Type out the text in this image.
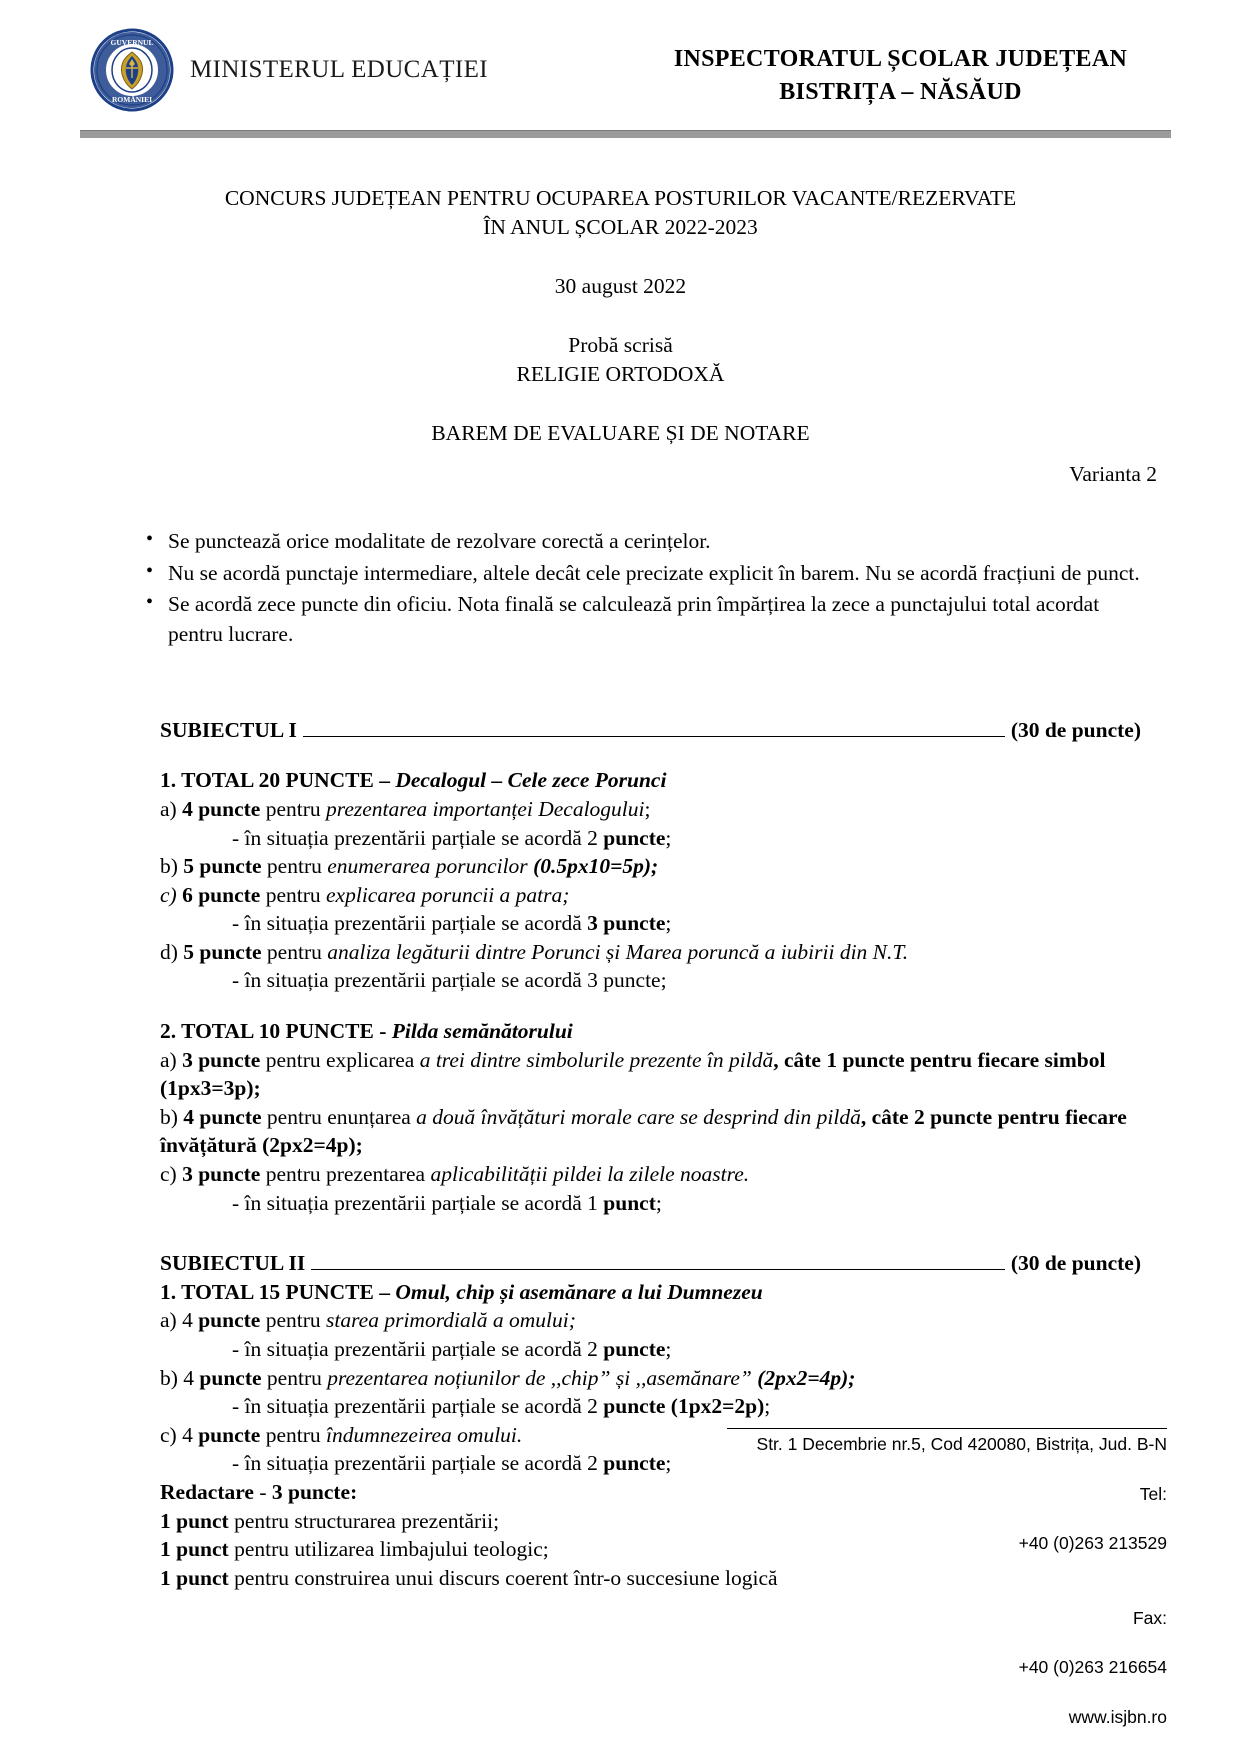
GUVERNUL
ROMÂNIEI
MINISTERUL EDUCAȚIEI	INSPECTORATUL ȘCOLAR JUDEȚEAN
BISTRIȚA – NĂSĂUD
CONCURS JUDEȚEAN PENTRU OCUPAREA POSTURILOR VACANTE/REZERVATE
ÎN ANUL ȘCOLAR 2022-2023
30 august 2022
Probă scrisă
RELIGIE ORTODOXĂ
BAREM DE EVALUARE ȘI DE NOTARE
Varianta 2
• Se punctează orice modalitate de rezolvare corectă a cerințelor.
• Nu se acordă punctaje intermediare, altele decât cele precizate explicit în barem. Nu se acordă fracțiuni de punct.
• Se acordă zece puncte din oficiu. Nota finală se calculează prin împărțirea la zece a punctajului total acordat pentru lucrare.
SUBIECTUL I	(30 de puncte)

1. TOTAL 20 PUNCTE – Decalogul – Cele zece Porunci

a) 4 puncte pentru prezentarea importanței Decalogului;

- în situația prezentării parțiale se acordă 2 puncte;

b) 5 puncte pentru enumerarea poruncilor (0.5px10=5p);

c) 6 puncte pentru explicarea poruncii a patra;

- în situația prezentării parțiale se acordă 3 puncte;

d) 5 puncte pentru analiza legăturii dintre Porunci și Marea poruncă a iubirii din N.T.

- în situația prezentării parțiale se acordă 3 puncte;

2. TOTAL 10 PUNCTE - Pilda semănătorului

a) 3 puncte pentru explicarea a trei dintre simbolurile prezente în pildă, câte 1 puncte pentru fiecare simbol (1px3=3p);

b) 4 puncte pentru enunțarea a două învățături morale care se desprind din pildă, câte 2 puncte pentru fiecare învățătură (2px2=4p);

c) 3 puncte pentru prezentarea aplicabilității pildei la zilele noastre.

- în situația prezentării parțiale se acordă 1 punct;

SUBIECTUL II	(30 de puncte)

1. TOTAL 15 PUNCTE – Omul, chip și asemănare a lui Dumnezeu

a) 4 puncte pentru starea primordială a omului;

- în situația prezentării parțiale se acordă 2 puncte;

b) 4 puncte pentru prezentarea noțiunilor de ,,chip” și ,,asemănare” (2px2=4p);

- în situația prezentării parțiale se acordă 2 puncte (1px2=2p);

c) 4 puncte pentru îndumnezeirea omului.

- în situația prezentării parțiale se acordă 2 puncte;

Redactare - 3 puncte:

1 punct pentru structurarea prezentării;

1 punct pentru utilizarea limbajului teologic;

1 punct pentru construirea unui discurs coerent într-o succesiune logică

Str. 1 Decembrie nr.5, Cod 420080, Bistrița, Jud. B-N

Tel:

+40 (0)263 213529

Fax:

+40 (0)263 216654

www.isjbn.ro
